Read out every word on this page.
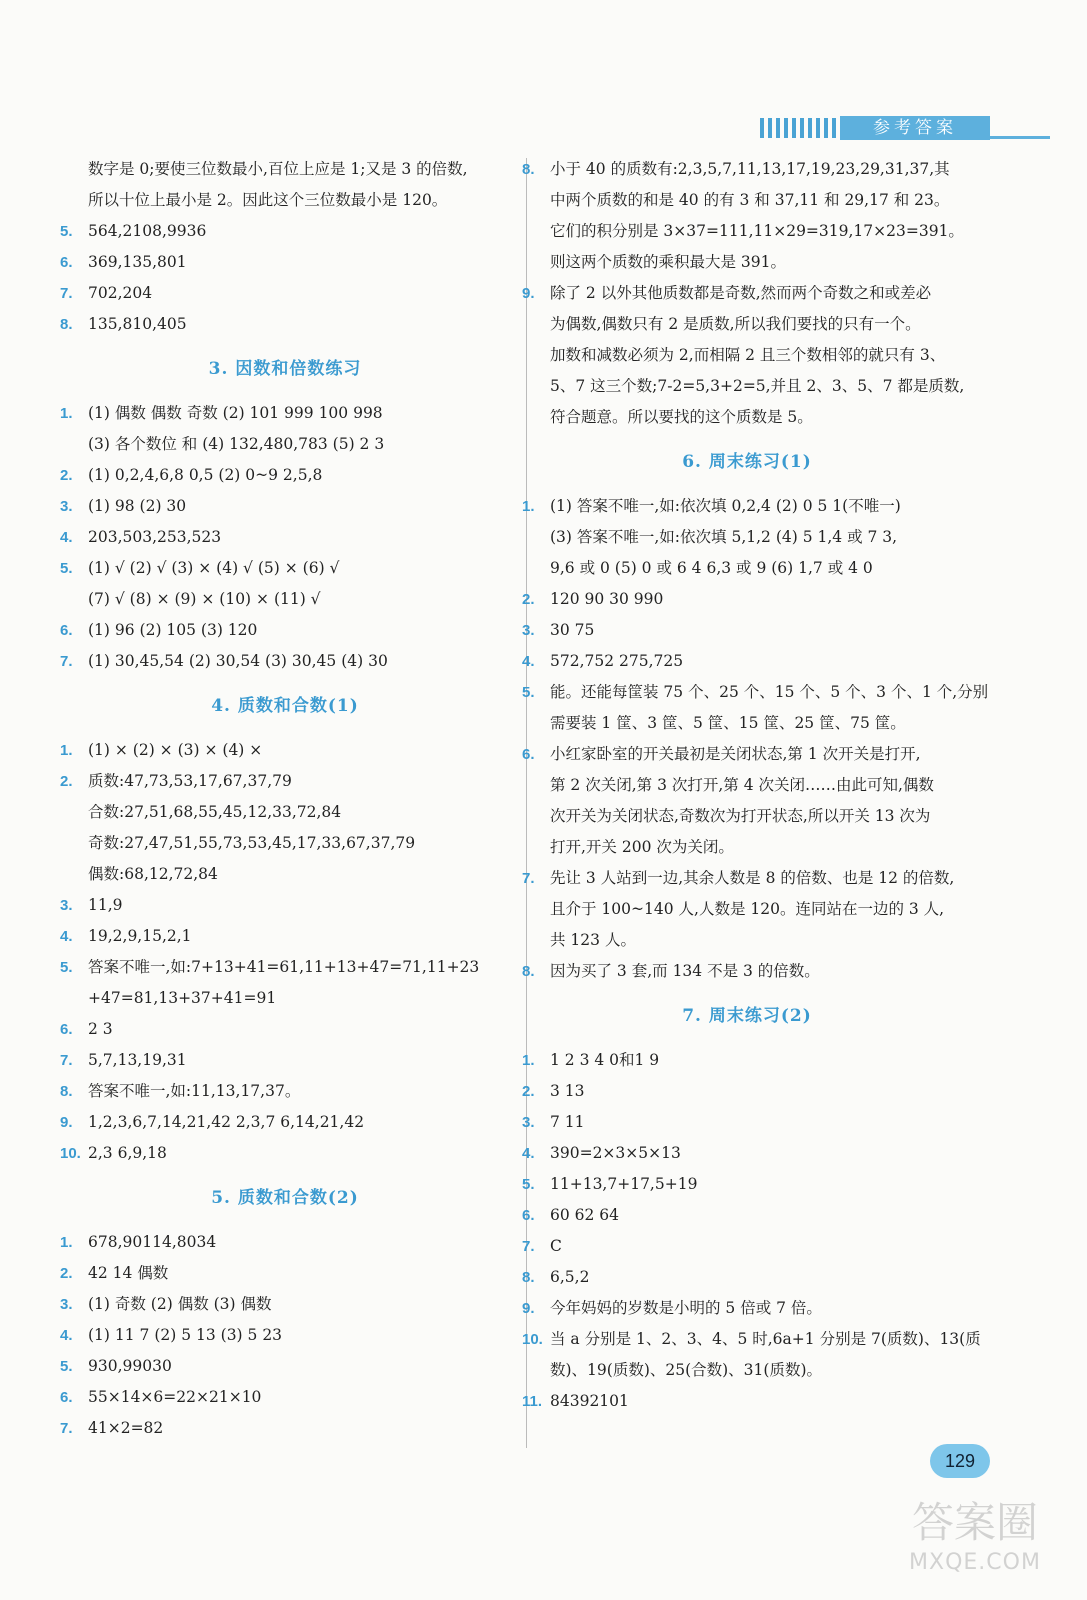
参考答案
数字是 0;要使三位数最小,百位上应是 1;又是 3 的倍数,
所以十位上最小是 2。因此这个三位数最小是 120。
5. 564,2108,9936
6. 369,135,801
7. 702,204
8. 135,810,405
3. 因数和倍数练习
1. (1) 偶数 偶数 奇数 (2) 101 999 100 998
(3) 各个数位 和 (4) 132,480,783 (5) 2 3
2. (1) 0,2,4,6,8 0,5 (2) 0~9 2,5,8
3. (1) 98 (2) 30
4. 203,503,253,523
5. (1) √ (2) √ (3) × (4) √ (5) × (6) √
(7) √ (8) × (9) × (10) × (11) √
6. (1) 96 (2) 105 (3) 120
7. (1) 30,45,54 (2) 30,54 (3) 30,45 (4) 30
4. 质数和合数(1)
1. (1) × (2) × (3) × (4) ×
2. 质数:47,73,53,17,67,37,79
合数:27,51,68,55,45,12,33,72,84
奇数:27,47,51,55,73,53,45,17,33,67,37,79
偶数:68,12,72,84
3. 11,9
4. 19,2,9,15,2,1
5. 答案不唯一,如:7+13+41=61,11+13+47=71,11+23
+47=81,13+37+41=91
6. 2 3
7. 5,7,13,19,31
8. 答案不唯一,如:11,13,17,37。
9. 1,2,3,6,7,14,21,42 2,3,7 6,14,21,42
10. 2,3 6,9,18
5. 质数和合数(2)
1. 678,90114,8034
2. 42 14 偶数
3. (1) 奇数 (2) 偶数 (3) 偶数
4. (1) 11 7 (2) 5 13 (3) 5 23
5. 930,99030
6. 55×14×6=22×21×10
7. 41×2=82
8. 小于 40 的质数有:2,3,5,7,11,13,17,19,23,29,31,37,其
中两个质数的和是 40 的有 3 和 37,11 和 29,17 和 23。
它们的积分别是 3×37=111,11×29=319,17×23=391。
则这两个质数的乘积最大是 391。
9. 除了 2 以外其他质数都是奇数,然而两个奇数之和或差必
为偶数,偶数只有 2 是质数,所以我们要找的只有一个。
加数和减数必须为 2,而相隔 2 且三个数相邻的就只有 3、
5、7 这三个数;7-2=5,3+2=5,并且 2、3、5、7 都是质数,
符合题意。所以要找的这个质数是 5。
6. 周末练习(1)
1. (1) 答案不唯一,如:依次填 0,2,4 (2) 0 5 1(不唯一)
(3) 答案不唯一,如:依次填 5,1,2 (4) 5 1,4 或 7 3,
9,6 或 0 (5) 0 或 6 4 6,3 或 9 (6) 1,7 或 4 0
2. 120 90 30 990
3. 30 75
4. 572,752 275,725
5. 能。还能每筐装 75 个、25 个、15 个、5 个、3 个、1 个,分别
需要装 1 筐、3 筐、5 筐、15 筐、25 筐、75 筐。
6. 小红家卧室的开关最初是关闭状态,第 1 次开关是打开,
第 2 次关闭,第 3 次打开,第 4 次关闭……由此可知,偶数
次开关为关闭状态,奇数次为打开状态,所以开关 13 次为
打开,开关 200 次为关闭。
7. 先让 3 人站到一边,其余人数是 8 的倍数、也是 12 的倍数,
且介于 100~140 人,人数是 120。连同站在一边的 3 人,
共 123 人。
8. 因为买了 3 套,而 134 不是 3 的倍数。
7. 周末练习(2)
1. 1 2 3 4 0和1 9
2. 3 13
3. 7 11
4. 390=2×3×5×13
5. 11+13,7+17,5+19
6. 60 62 64
7. C
8. 6,5,2
9. 今年妈妈的岁数是小明的 5 倍或 7 倍。
10. 当 a 分别是 1、2、3、4、5 时,6a+1 分别是 7(质数)、13(质
数)、19(质数)、25(合数)、31(质数)。
11. 84392101
129
答案圈
MXQE.COM
